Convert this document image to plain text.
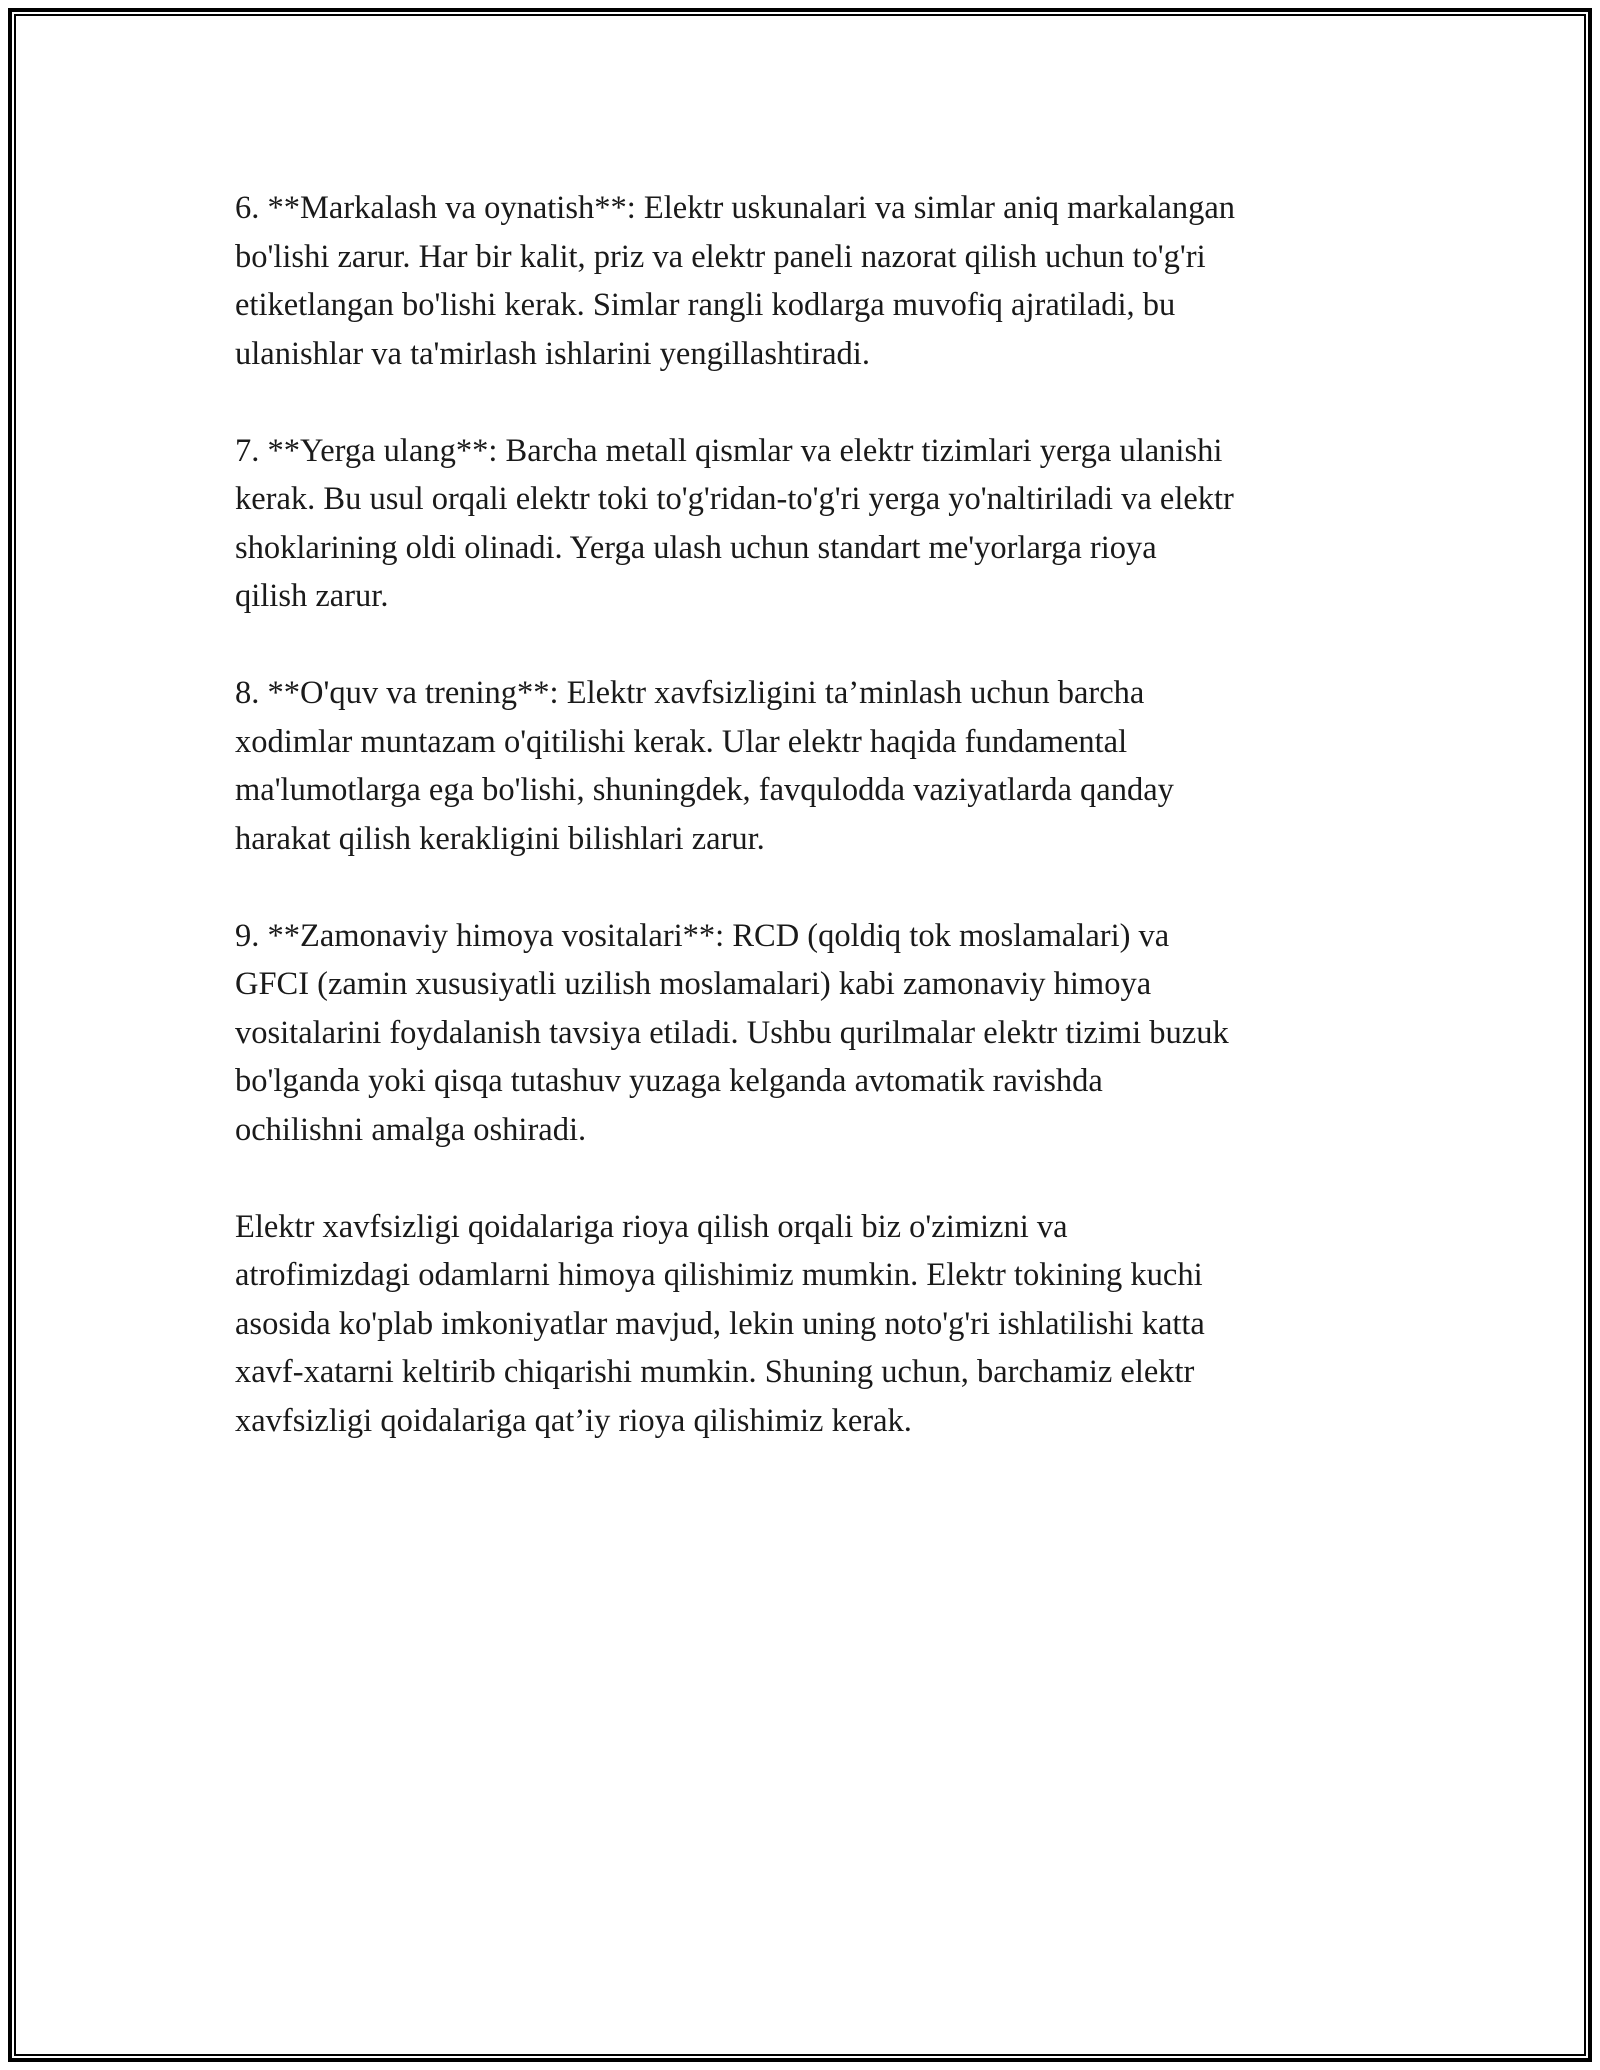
6. **Markalash va oynatish**: Elektr uskunalari va simlar aniq markalangan
bo'lishi zarur. Har bir kalit, priz va elektr paneli nazorat qilish uchun to'g'ri
etiketlangan bo'lishi kerak. Simlar rangli kodlarga muvofiq ajratiladi, bu
ulanishlar va ta'mirlash ishlarini yengillashtiradi.

7. **Yerga ulang**: Barcha metall qismlar va elektr tizimlari yerga ulanishi
kerak. Bu usul orqali elektr toki to'g'ridan-to'g'ri yerga yo'naltiriladi va elektr
shoklarining oldi olinadi. Yerga ulash uchun standart me'yorlarga rioya
qilish zarur.

8. **O'quv va trening**: Elektr xavfsizligini ta’minlash uchun barcha
xodimlar muntazam o'qitilishi kerak. Ular elektr haqida fundamental
ma'lumotlarga ega bo'lishi, shuningdek, favqulodda vaziyatlarda qanday
harakat qilish kerakligini bilishlari zarur.

9. **Zamonaviy himoya vositalari**: RCD (qoldiq tok moslamalari) va
GFCI (zamin xususiyatli uzilish moslamalari) kabi zamonaviy himoya
vositalarini foydalanish tavsiya etiladi. Ushbu qurilmalar elektr tizimi buzuk
bo'lganda yoki qisqa tutashuv yuzaga kelganda avtomatik ravishda
ochilishni amalga oshiradi.

Elektr xavfsizligi qoidalariga rioya qilish orqali biz o'zimizni va
atrofimizdagi odamlarni himoya qilishimiz mumkin. Elektr tokining kuchi
asosida ko'plab imkoniyatlar mavjud, lekin uning noto'g'ri ishlatilishi katta
xavf-xatarni keltirib chiqarishi mumkin. Shuning uchun, barchamiz elektr
xavfsizligi qoidalariga qat’iy rioya qilishimiz kerak.
